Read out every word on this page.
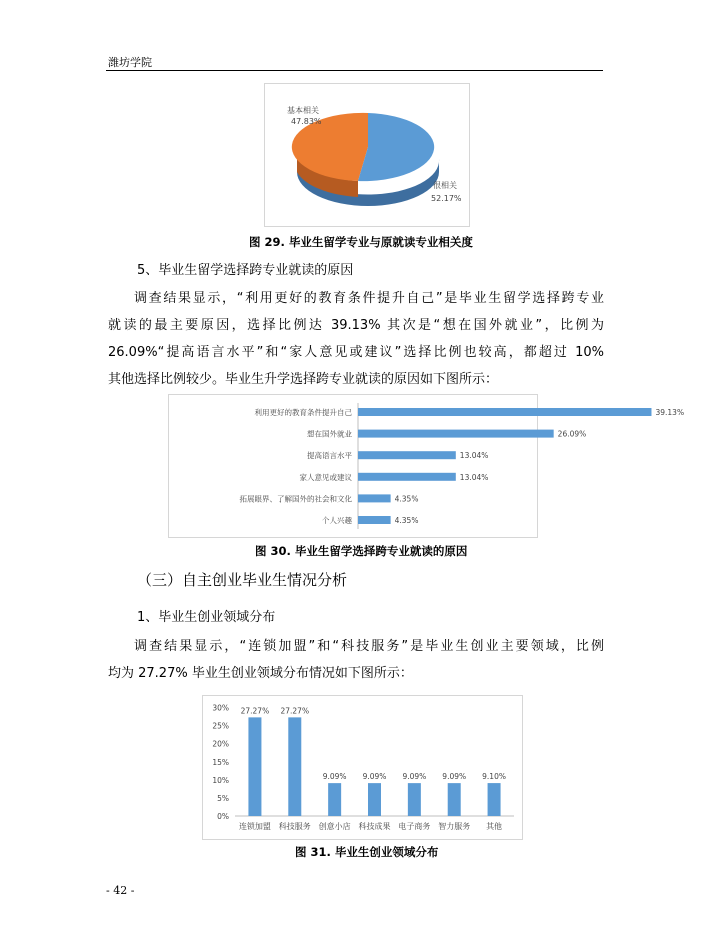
潍坊学院
基本相关
47.83%
很相关
52.17%
图 29. 毕业生留学专业与原就读专业相关度
5、毕业生留学选择跨专业就读的原因
调查结果显示，“利用更好的教育条件提升自己”是毕业生留学选择跨专业
就读的最主要原因，选择比例达 39.13% 其次是“想在国外就业”，比例为
26.09%“提高语言水平”和“家人意见或建议”选择比例也较高，都超过 10%
其他选择比例较少。毕业生升学选择跨专业就读的原因如下图所示：
利用更好的教育条件提升自己	39.13%
想在国外就业	26.09%
提高语言水平	13.04%
家人意见或建议	13.04%
拓展眼界、了解国外的社会和文化	4.35%
个人兴趣	4.35%
图 30. 毕业生留学选择跨专业就读的原因
（三）自主创业毕业生情况分析
1、毕业生创业领域分布
调查结果显示，“连锁加盟”和“科技服务”是毕业生创业主要领域，比例
均为 27.27% 毕业生创业领域分布情况如下图所示：
0%
5%
10%
15%
20%
25%
30% 27.27%
连锁加盟
27.27%
科技服务
9.09%
创意小店
9.09%
科技成果
9.09%
电子商务
9.09%
智力服务
9.10%
其他
图 31. 毕业生创业领域分布
- 42 -
